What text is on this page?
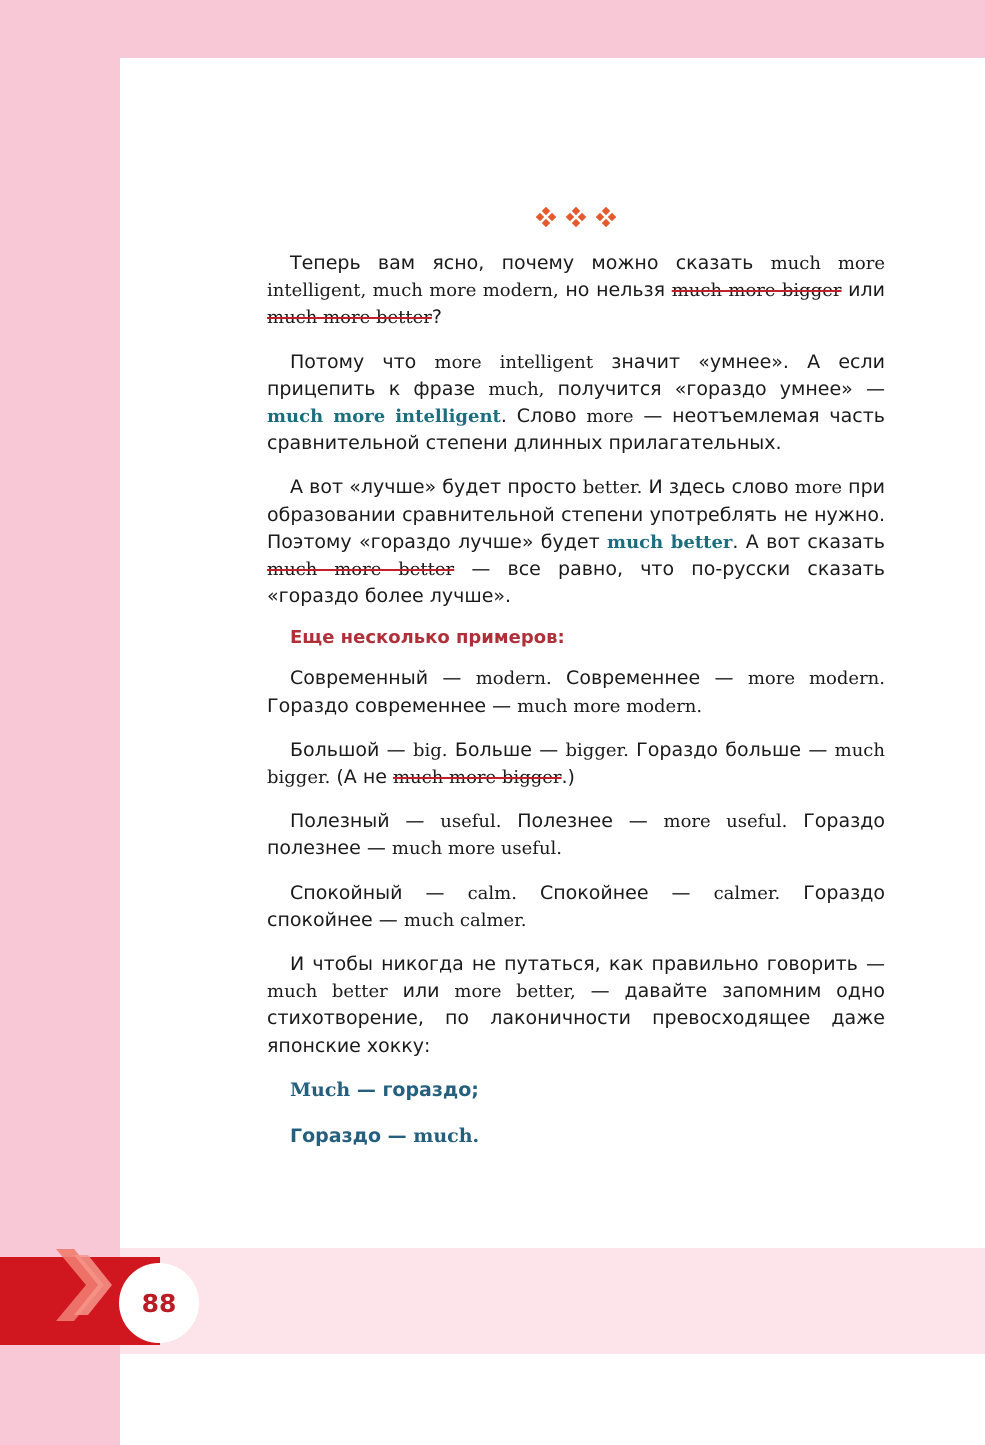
88

Теперь вам ясно, почему можно сказать much more intelligent, much more modern, но нельзя much more bigger или much more better?

Потому что more intelligent значит «умнее». А если прицепить к фразе much, получится «гораздо умнее» — much more intelligent. Слово more — неотъемлемая часть сравнительной степени длинных прилагательных.

А вот «лучше» будет просто better. И здесь слово more при образовании сравнительной степени употреблять не нужно. Поэтому «гораздо лучше» будет much better. А вот сказать much more better — все равно, что по-русски сказать «гораздо более лучше».

Еще несколько примеров:

Современный — modern. Современнее — more modern. Гораздо современнее — much more modern.

Большой — big. Больше — bigger. Гораздо больше — much bigger. (А не much more bigger.)

Полезный — useful. Полезнее — more useful. Гораздо полезнее — much more useful.

Спокойный — calm. Спокойнее — calmer. Гораздо спокойнее — much calmer.

И чтобы никогда не путаться, как правильно говорить — much better или more better, — давайте запомним одно стихотворение, по лаконичности превосходящее даже японские хокку:

Much — гораздо;
Гораздо — much.
